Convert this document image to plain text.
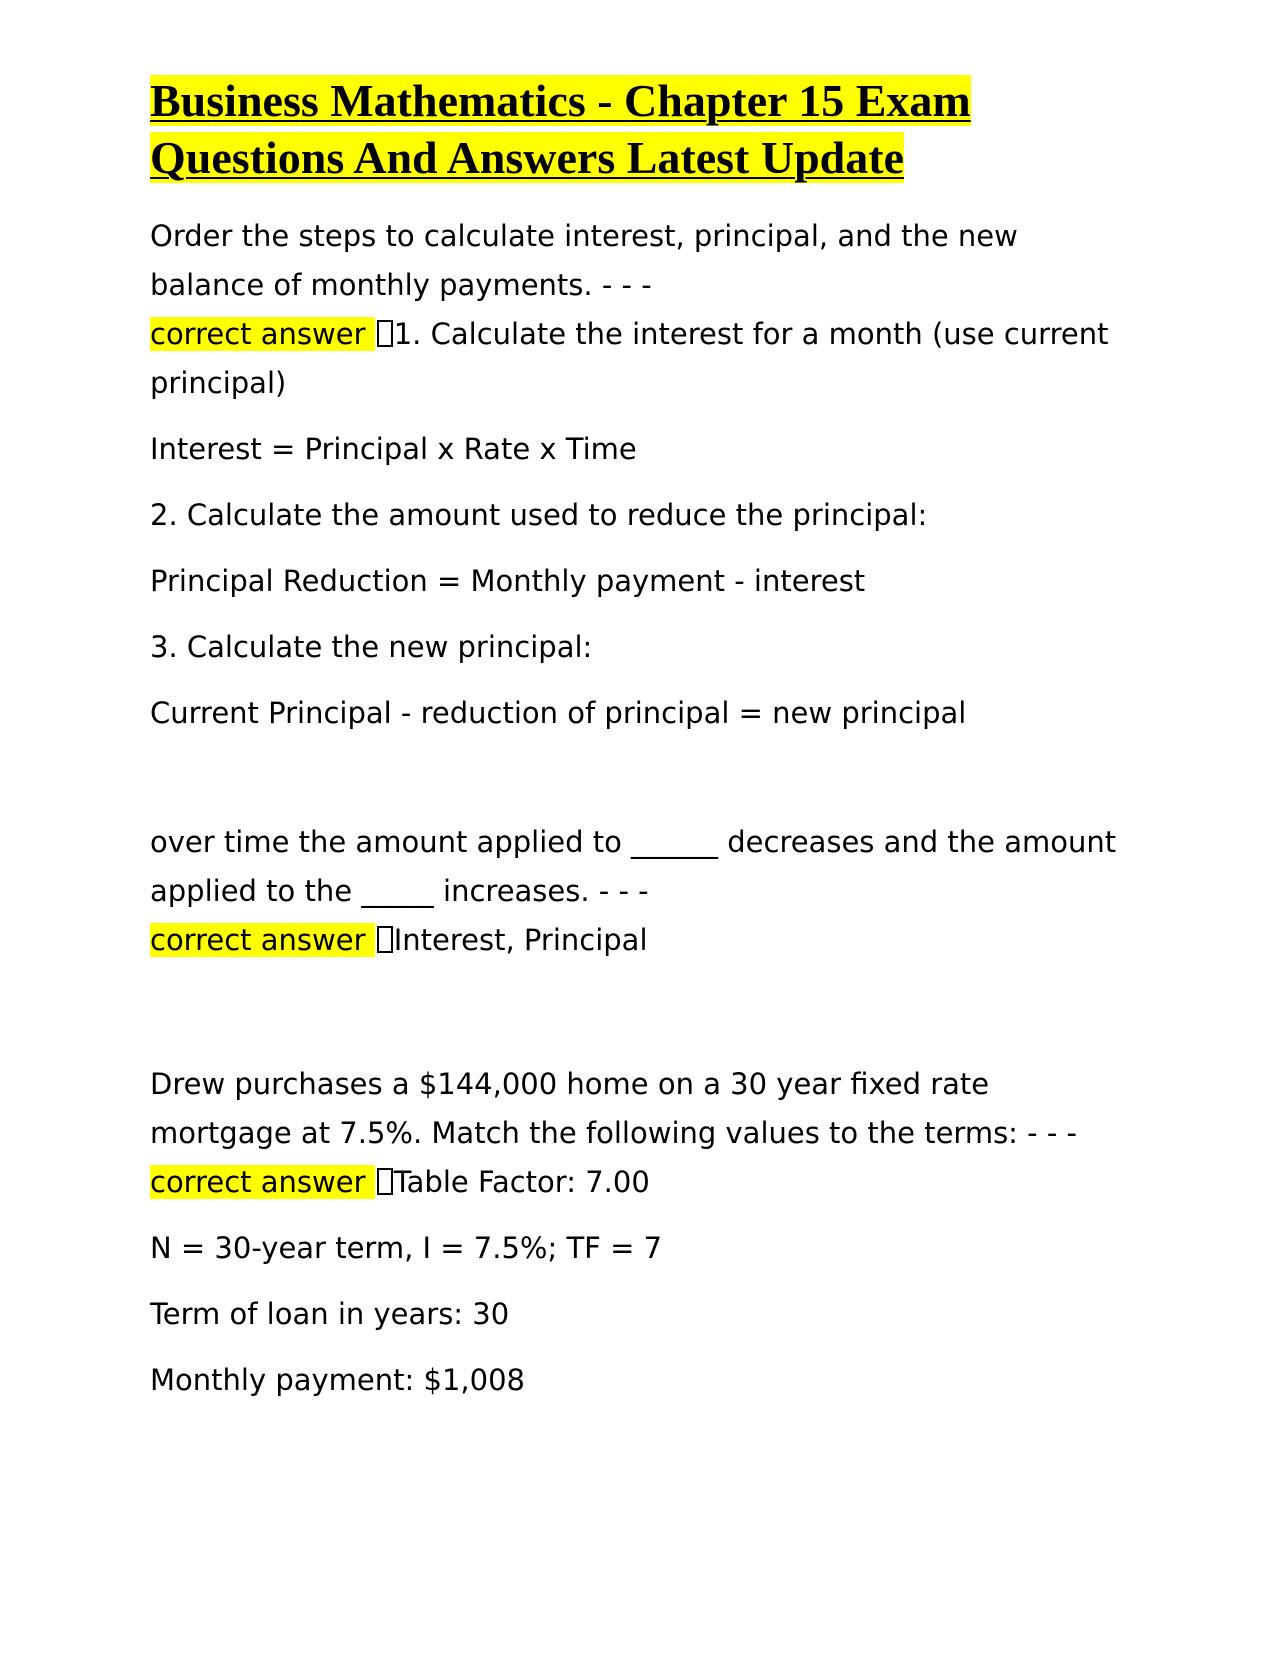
Business Mathematics - Chapter 15 Exam
Questions And Answers Latest Update
Order the steps to calculate interest, principal, and the new balance of monthly payments. - - -
correct answer 1. Calculate the interest for a month (use current principal)
Interest = Principal x Rate x Time
2. Calculate the amount used to reduce the principal:
Principal Reduction = Monthly payment - interest
3. Calculate the new principal:
Current Principal - reduction of principal = new principal
over time the amount applied to ______ decreases and the amount applied to the _____ increases. - - -
correct answer Interest, Principal
Drew purchases a $144,000 home on a 30 year fixed rate mortgage at 7.5%. Match the following values to the terms: - - -
correct answer Table Factor: 7.00
N = 30-year term, I = 7.5%; TF = 7
Term of loan in years: 30
Monthly payment: $1,008
